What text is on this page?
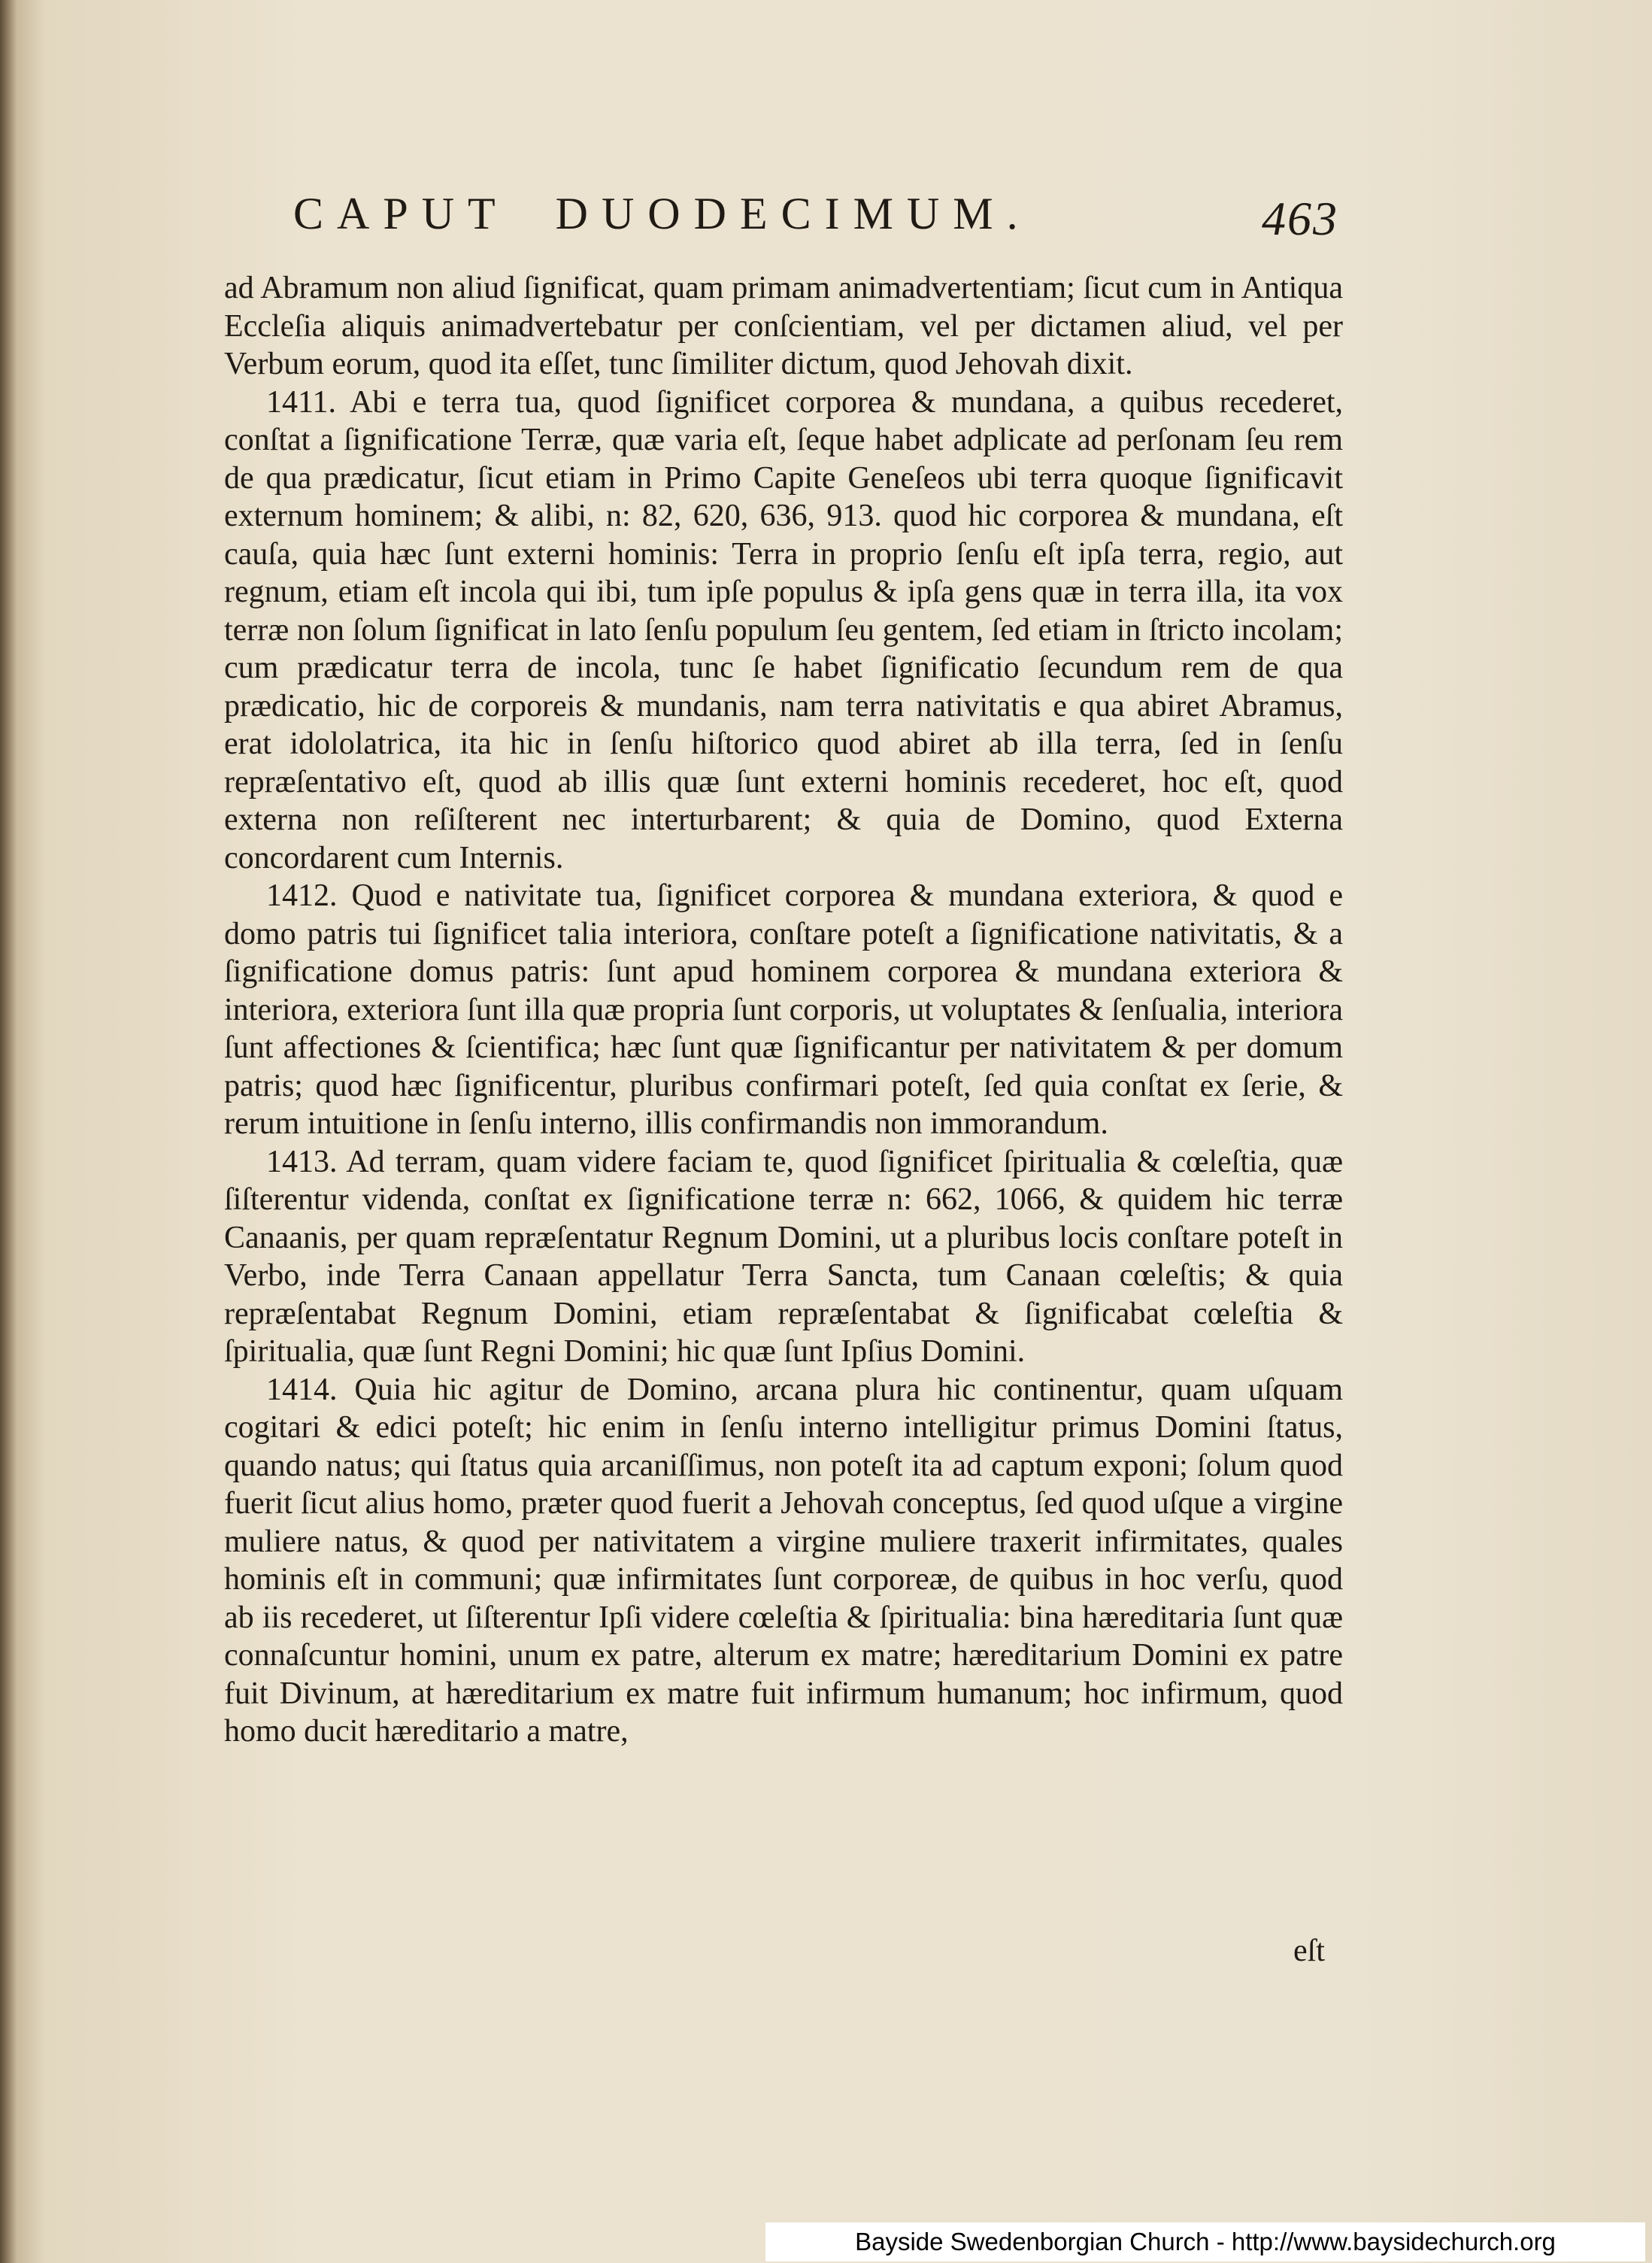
CAPUT DUODECIMUM.	463

ad Abramum non aliud ſignificat, quam primam animadvertentiam; ſicut cum in Antiqua Eccleſia aliquis animadvertebatur per conſcientiam, vel per dictamen aliud, vel per Verbum eorum, quod ita eſſet, tunc ſimiliter dictum, quod Jehovah dixit.

1411. Abi e terra tua, quod ſignificet corporea & mundana, a quibus recederet, conſtat a ſignificatione Terræ, quæ varia eſt, ſeque habet adplicate ad perſonam ſeu rem de qua prædicatur, ſicut etiam in Primo Capite Geneſeos ubi terra quoque ſignificavit externum hominem; & alibi, n: 82, 620, 636, 913. quod hic corporea & mundana, eſt cauſa, quia hæc ſunt externi hominis: Terra in proprio ſenſu eſt ipſa terra, regio, aut regnum, etiam eſt incola qui ibi, tum ipſe populus & ipſa gens quæ in terra illa, ita vox terræ non ſolum ſignificat in lato ſenſu populum ſeu gentem, ſed etiam in ſtricto incolam; cum prædicatur terra de incola, tunc ſe habet ſignificatio ſecundum rem de qua prædicatio, hic de corporeis & mundanis, nam terra nativitatis e qua abiret Abramus, erat idololatrica, ita hic in ſenſu hiſtorico quod abiret ab illa terra, ſed in ſenſu repræſentativo eſt, quod ab illis quæ ſunt externi hominis recederet, hoc eſt, quod externa non reſiſterent nec interturbarent; & quia de Domino, quod Externa concordarent cum Internis.

1412. Quod e nativitate tua, ſignificet corporea & mundana exteriora, & quod e domo patris tui ſignificet talia interiora, conſtare poteſt a ſignificatione nativitatis, & a ſignificatione domus patris: ſunt apud hominem corporea & mundana exteriora & interiora, exteriora ſunt illa quæ propria ſunt corporis, ut voluptates & ſenſualia, interiora ſunt affectiones & ſcientifica; hæc ſunt quæ ſignificantur per nativitatem & per domum patris; quod hæc ſignificentur, pluribus confirmari poteſt, ſed quia conſtat ex ſerie, & rerum intuitione in ſenſu interno, illis confirmandis non immorandum.

1413. Ad terram, quam videre faciam te, quod ſignificet ſpiritualia & cœleſtia, quæ ſiſterentur videnda, conſtat ex ſignificatione terræ n: 662, 1066, & quidem hic terræ Canaanis, per quam repræſentatur Regnum Domini, ut a pluribus locis conſtare poteſt in Verbo, inde Terra Canaan appellatur Terra Sancta, tum Canaan cœleſtis; & quia repræſentabat Regnum Domini, etiam repræſentabat & ſignificabat cœleſtia & ſpiritualia, quæ ſunt Regni Domini; hic quæ ſunt Ipſius Domini.

1414. Quia hic agitur de Domino, arcana plura hic continentur, quam uſquam cogitari & edici poteſt; hic enim in ſenſu interno intelligitur primus Domini ſtatus, quando natus; qui ſtatus quia arcaniſſimus, non poteſt ita ad captum exponi; ſolum quod fuerit ſicut alius homo, præter quod fuerit a Jehovah conceptus, ſed quod uſque a virgine muliere natus, & quod per nativitatem a virgine muliere traxerit infirmitates, quales hominis eſt in communi; quæ infirmitates ſunt corporeæ, de quibus in hoc verſu, quod ab iis recederet, ut ſiſterentur Ipſi videre cœleſtia & ſpiritualia: bina hæreditaria ſunt quæ connaſcuntur homini, unum ex patre, alterum ex matre; hæreditarium Domini ex patre fuit Divinum, at hæreditarium ex matre fuit infirmum humanum; hoc infirmum, quod homo ducit hæreditario a matre,

eſt
Bayside Swedenborgian Church - http://www.baysidechurch.org
